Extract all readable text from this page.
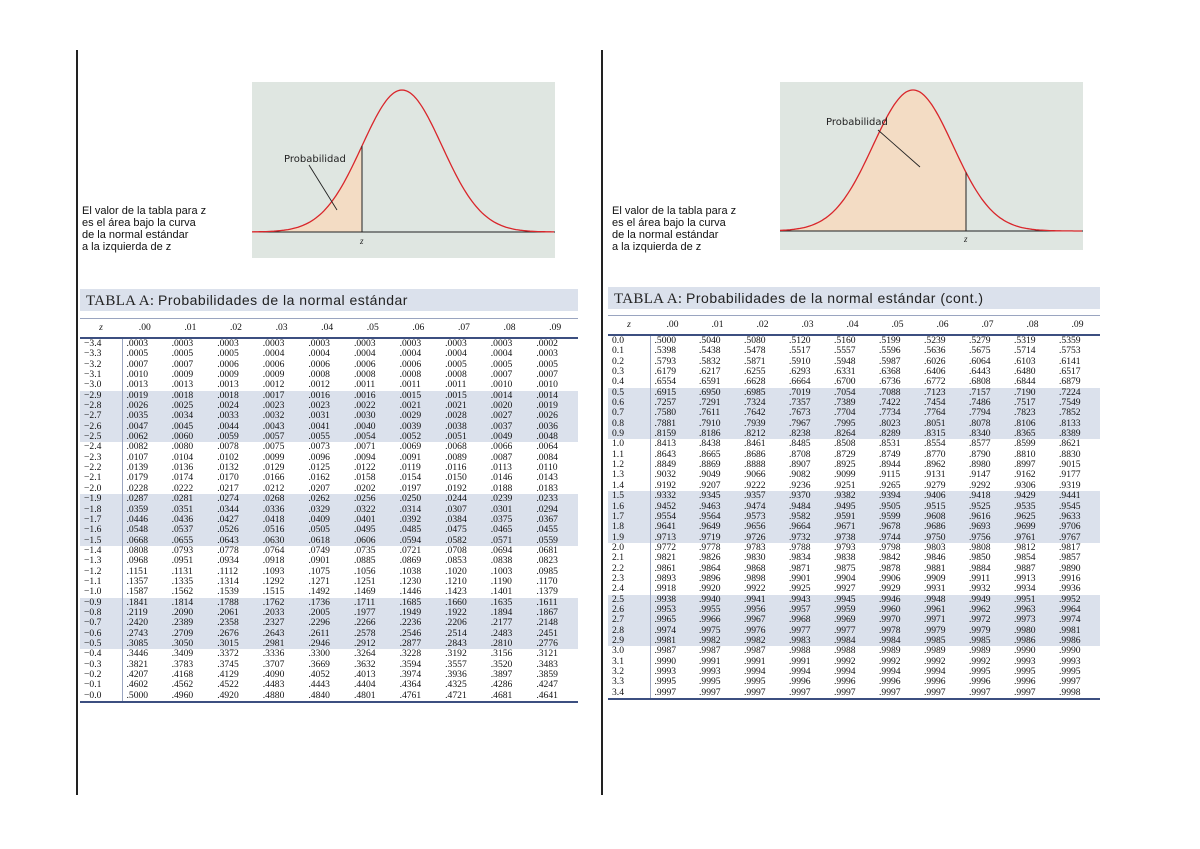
Probabilidad
z
El valor de la tabla para z
es el área bajo la curva
de la normal estándar
a la izquierda de z
Probabilidad
z
El valor de la tabla para z
es el área bajo la curva
de la normal estándar
a la izquierda de z
TABLA A: Probabilidades de la normal estándar	TABLA A: Probabilidades de la normal estándar (cont.)
z	.00	.01	.02	.03	.04	.05	.06	.07	.08	.09
−3.4	.0003	.0003	.0003	.0003	.0003	.0003	.0003	.0003	.0003	.0002
−3.3	.0005	.0005	.0005	.0004	.0004	.0004	.0004	.0004	.0004	.0003
−3.2	.0007	.0007	.0006	.0006	.0006	.0006	.0006	.0005	.0005	.0005
−3.1	.0010	.0009	.0009	.0009	.0008	.0008	.0008	.0008	.0007	.0007
−3.0	.0013	.0013	.0013	.0012	.0012	.0011	.0011	.0011	.0010	.0010
−2.9	.0019	.0018	.0018	.0017	.0016	.0016	.0015	.0015	.0014	.0014
−2.8	.0026	.0025	.0024	.0023	.0023	.0022	.0021	.0021	.0020	.0019
−2.7	.0035	.0034	.0033	.0032	.0031	.0030	.0029	.0028	.0027	.0026
−2.6	.0047	.0045	.0044	.0043	.0041	.0040	.0039	.0038	.0037	.0036
−2.5	.0062	.0060	.0059	.0057	.0055	.0054	.0052	.0051	.0049	.0048
−2.4	.0082	.0080	.0078	.0075	.0073	.0071	.0069	.0068	.0066	.0064
−2.3	.0107	.0104	.0102	.0099	.0096	.0094	.0091	.0089	.0087	.0084
−2.2	.0139	.0136	.0132	.0129	.0125	.0122	.0119	.0116	.0113	.0110
−2.1	.0179	.0174	.0170	.0166	.0162	.0158	.0154	.0150	.0146	.0143
−2.0	.0228	.0222	.0217	.0212	.0207	.0202	.0197	.0192	.0188	.0183
−1.9	.0287	.0281	.0274	.0268	.0262	.0256	.0250	.0244	.0239	.0233
−1.8	.0359	.0351	.0344	.0336	.0329	.0322	.0314	.0307	.0301	.0294
−1.7	.0446	.0436	.0427	.0418	.0409	.0401	.0392	.0384	.0375	.0367
−1.6	.0548	.0537	.0526	.0516	.0505	.0495	.0485	.0475	.0465	.0455
−1.5	.0668	.0655	.0643	.0630	.0618	.0606	.0594	.0582	.0571	.0559
−1.4	.0808	.0793	.0778	.0764	.0749	.0735	.0721	.0708	.0694	.0681
−1.3	.0968	.0951	.0934	.0918	.0901	.0885	.0869	.0853	.0838	.0823
−1.2	.1151	.1131	.1112	.1093	.1075	.1056	.1038	.1020	.1003	.0985
−1.1	.1357	.1335	.1314	.1292	.1271	.1251	.1230	.1210	.1190	.1170
−1.0	.1587	.1562	.1539	.1515	.1492	.1469	.1446	.1423	.1401	.1379
−0.9	.1841	.1814	.1788	.1762	.1736	.1711	.1685	.1660	.1635	.1611
−0.8	.2119	.2090	.2061	.2033	.2005	.1977	.1949	.1922	.1894	.1867
−0.7	.2420	.2389	.2358	.2327	.2296	.2266	.2236	.2206	.2177	.2148
−0.6	.2743	.2709	.2676	.2643	.2611	.2578	.2546	.2514	.2483	.2451
−0.5	.3085	.3050	.3015	.2981	.2946	.2912	.2877	.2843	.2810	.2776
−0.4	.3446	.3409	.3372	.3336	.3300	.3264	.3228	.3192	.3156	.3121
−0.3	.3821	.3783	.3745	.3707	.3669	.3632	.3594	.3557	.3520	.3483
−0.2	.4207	.4168	.4129	.4090	.4052	.4013	.3974	.3936	.3897	.3859
−0.1	.4602	.4562	.4522	.4483	.4443	.4404	.4364	.4325	.4286	.4247
−0.0	.5000	.4960	.4920	.4880	.4840	.4801	.4761	.4721	.4681	.4641
z	.00	.01	.02	.03	.04	.05	.06	.07	.08	.09
0.0	.5000	.5040	.5080	.5120	.5160	.5199	.5239	.5279	.5319	.5359
0.1	.5398	.5438	.5478	.5517	.5557	.5596	.5636	.5675	.5714	.5753
0.2	.5793	.5832	.5871	.5910	.5948	.5987	.6026	.6064	.6103	.6141
0.3	.6179	.6217	.6255	.6293	.6331	.6368	.6406	.6443	.6480	.6517
0.4	.6554	.6591	.6628	.6664	.6700	.6736	.6772	.6808	.6844	.6879
0.5	.6915	.6950	.6985	.7019	.7054	.7088	.7123	.7157	.7190	.7224
0.6	.7257	.7291	.7324	.7357	.7389	.7422	.7454	.7486	.7517	.7549
0.7	.7580	.7611	.7642	.7673	.7704	.7734	.7764	.7794	.7823	.7852
0.8	.7881	.7910	.7939	.7967	.7995	.8023	.8051	.8078	.8106	.8133
0.9	.8159	.8186	.8212	.8238	.8264	.8289	.8315	.8340	.8365	.8389
1.0	.8413	.8438	.8461	.8485	.8508	.8531	.8554	.8577	.8599	.8621
1.1	.8643	.8665	.8686	.8708	.8729	.8749	.8770	.8790	.8810	.8830
1.2	.8849	.8869	.8888	.8907	.8925	.8944	.8962	.8980	.8997	.9015
1.3	.9032	.9049	.9066	.9082	.9099	.9115	.9131	.9147	.9162	.9177
1.4	.9192	.9207	.9222	.9236	.9251	.9265	.9279	.9292	.9306	.9319
1.5	.9332	.9345	.9357	.9370	.9382	.9394	.9406	.9418	.9429	.9441
1.6	.9452	.9463	.9474	.9484	.9495	.9505	.9515	.9525	.9535	.9545
1.7	.9554	.9564	.9573	.9582	.9591	.9599	.9608	.9616	.9625	.9633
1.8	.9641	.9649	.9656	.9664	.9671	.9678	.9686	.9693	.9699	.9706
1.9	.9713	.9719	.9726	.9732	.9738	.9744	.9750	.9756	.9761	.9767
2.0	.9772	.9778	.9783	.9788	.9793	.9798	.9803	.9808	.9812	.9817
2.1	.9821	.9826	.9830	.9834	.9838	.9842	.9846	.9850	.9854	.9857
2.2	.9861	.9864	.9868	.9871	.9875	.9878	.9881	.9884	.9887	.9890
2.3	.9893	.9896	.9898	.9901	.9904	.9906	.9909	.9911	.9913	.9916
2.4	.9918	.9920	.9922	.9925	.9927	.9929	.9931	.9932	.9934	.9936
2.5	.9938	.9940	.9941	.9943	.9945	.9946	.9948	.9949	.9951	.9952
2.6	.9953	.9955	.9956	.9957	.9959	.9960	.9961	.9962	.9963	.9964
2.7	.9965	.9966	.9967	.9968	.9969	.9970	.9971	.9972	.9973	.9974
2.8	.9974	.9975	.9976	.9977	.9977	.9978	.9979	.9979	.9980	.9981
2.9	.9981	.9982	.9982	.9983	.9984	.9984	.9985	.9985	.9986	.9986
3.0	.9987	.9987	.9987	.9988	.9988	.9989	.9989	.9989	.9990	.9990
3.1	.9990	.9991	.9991	.9991	.9992	.9992	.9992	.9992	.9993	.9993
3.2	.9993	.9993	.9994	.9994	.9994	.9994	.9994	.9995	.9995	.9995
3.3	.9995	.9995	.9995	.9996	.9996	.9996	.9996	.9996	.9996	.9997
3.4	.9997	.9997	.9997	.9997	.9997	.9997	.9997	.9997	.9997	.9998
